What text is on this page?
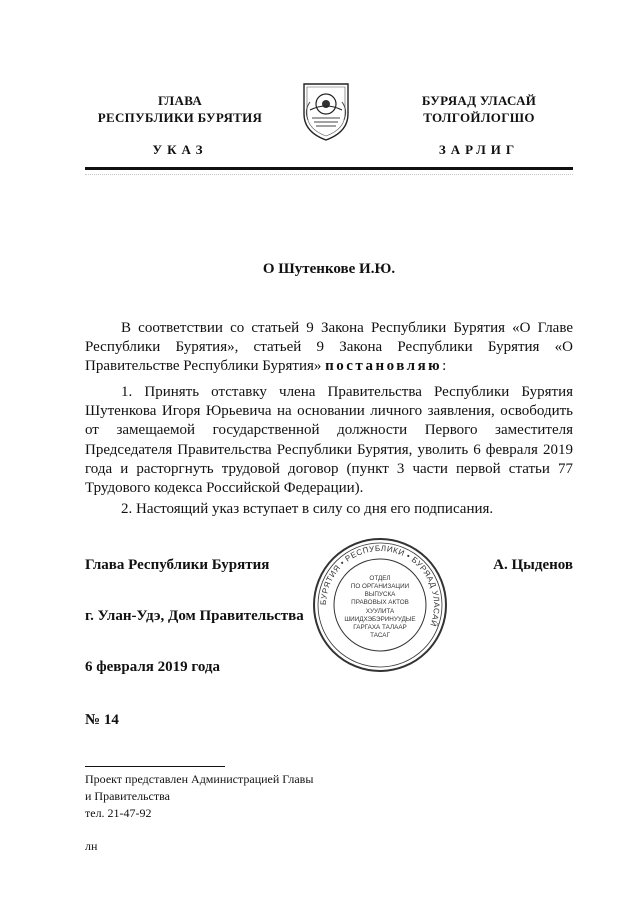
ГЛАВА
РЕСПУБЛИКИ БУРЯТИЯ
УКАЗ
БУРЯАД УЛАСАЙ
ТОЛГОЙЛОГШО
ЗАРЛИГ
О Шутенкове И.Ю.
В соответствии со статьей 9 Закона Республики Бурятия «О Главе Республики Бурятия», статьей 9 Закона Республики Бурятия «О Правительстве Республики Бурятия» постановляю:
1. Принять отставку члена Правительства Республики Бурятия Шутенкова Игоря Юрьевича на основании личного заявления, освободить от замещаемой государственной должности Первого заместителя Председателя Правительства Республики Бурятия, уволить 6 февраля 2019 года и расторгнуть трудовой договор (пункт 3 части первой статьи 77 Трудового кодекса Российской Федерации).
2. Настоящий указ вступает в силу со дня его подписания.
БУРЯТИЯ • РЕСПУБЛИКИ • БУРЯАД УЛАСАЙ
ОТДЕЛ
ПО ОРГАНИЗАЦИИ
ВЫПУСКА
ПРАВОВЫХ АКТОВ
ХУУЛИТА
ШИИДХЭБЭРИНУУДЫЕ
ГАРГАХА ТАЛААР
ТАСАГ
Глава Республики Бурятия	А. Цыденов
г. Улан-Удэ, Дом Правительства
6 февраля 2019 года
№ 14
Проект представлен Администрацией Главы
и Правительства
тел. 21-47-92
лн
